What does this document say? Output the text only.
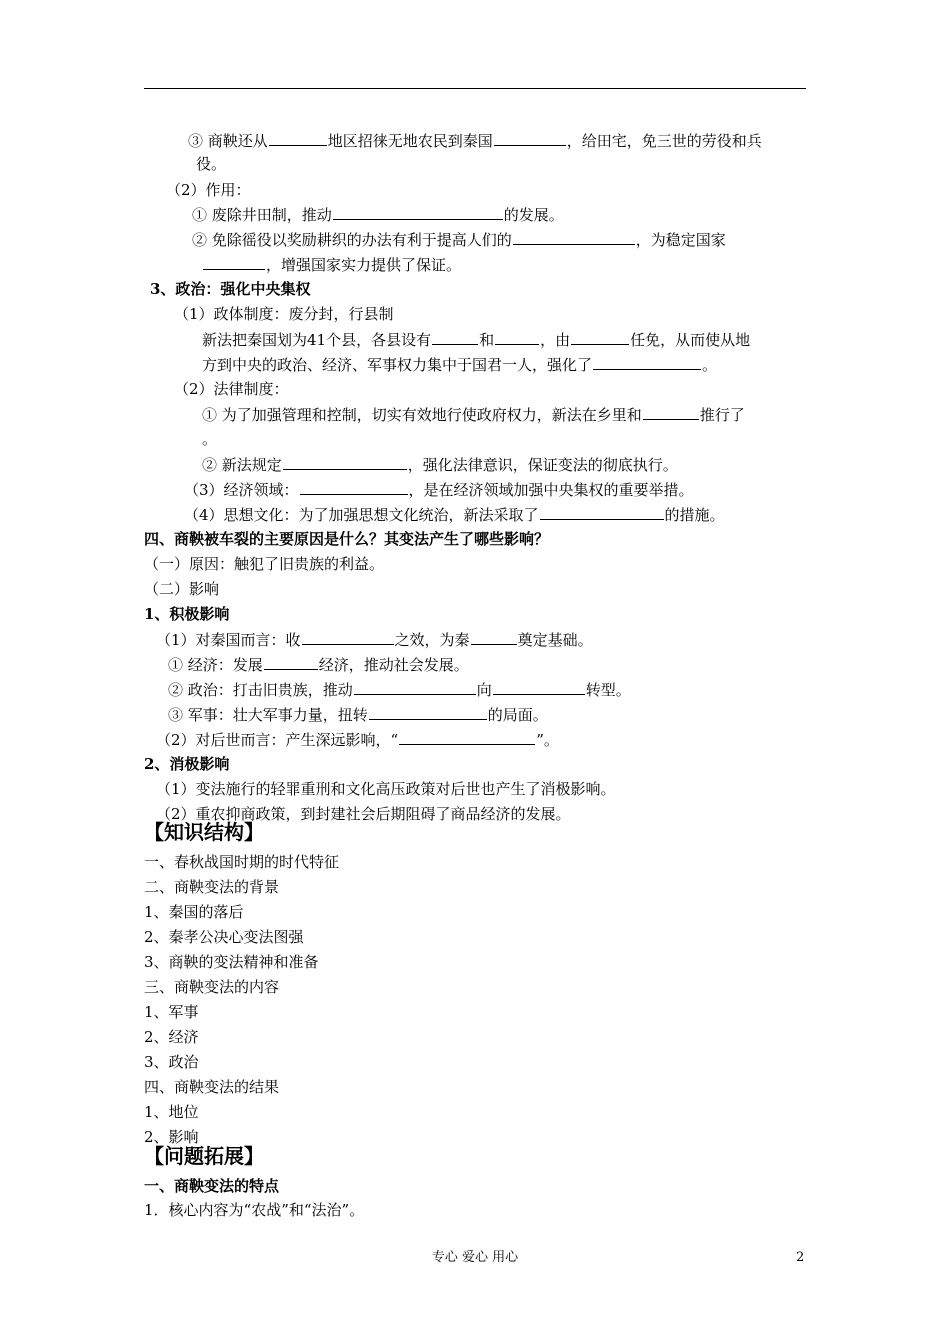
③ 商鞅还从	地区招徕无地农民到秦国	，给田宅，免三世的劳役和兵
役。
（2）作用：
① 废除井田制，推动	的发展。
② 免除徭役以奖励耕织的办法有利于提高人们的	，为稳定国家
，增强国家实力提供了保证。
3、政治：强化中央集权
（1）政体制度：废分封，行县制
新法把秦国划为41个县，各县设有	和	，由	任免，从而使从地
方到中央的政治、经济、军事权力集中于国君一人，强化了	。
（2）法律制度：
① 为了加强管理和控制，切实有效地行使政府权力，新法在乡里和	推行了
。
② 新法规定	，强化法律意识，保证变法的彻底执行。
（3）经济领域：	，是在经济领域加强中央集权的重要举措。
（4）思想文化：为了加强思想文化统治，新法采取了	的措施。
四、商鞅被车裂的主要原因是什么？其变法产生了哪些影响？
（一）原因：触犯了旧贵族的利益。
（二）影响
1、积极影响
（1）对秦国而言：收	之效，为秦	奠定基础。
① 经济：发展	经济，推动社会发展。
② 政治：打击旧贵族，推动	向	转型。
③ 军事：壮大军事力量，扭转	的局面。
（2）对后世而言：产生深远影响，“	”。
2、消极影响
（1）变法施行的轻罪重刑和文化高压政策对后世也产生了消极影响。
（2）重农抑商政策，到封建社会后期阻碍了商品经济的发展。
【知识结构】
一、春秋战国时期的时代特征
二、商鞅变法的背景
1、秦国的落后
2、秦孝公决心变法图强
3、商鞅的变法精神和准备
三、商鞅变法的内容
1、军事
2、经济
3、政治
四、商鞅变法的结果
1、地位
2、影响
【问题拓展】
一、商鞅变法的特点
1．核心内容为“农战”和“法治”。
专心 爱心 用心	2
